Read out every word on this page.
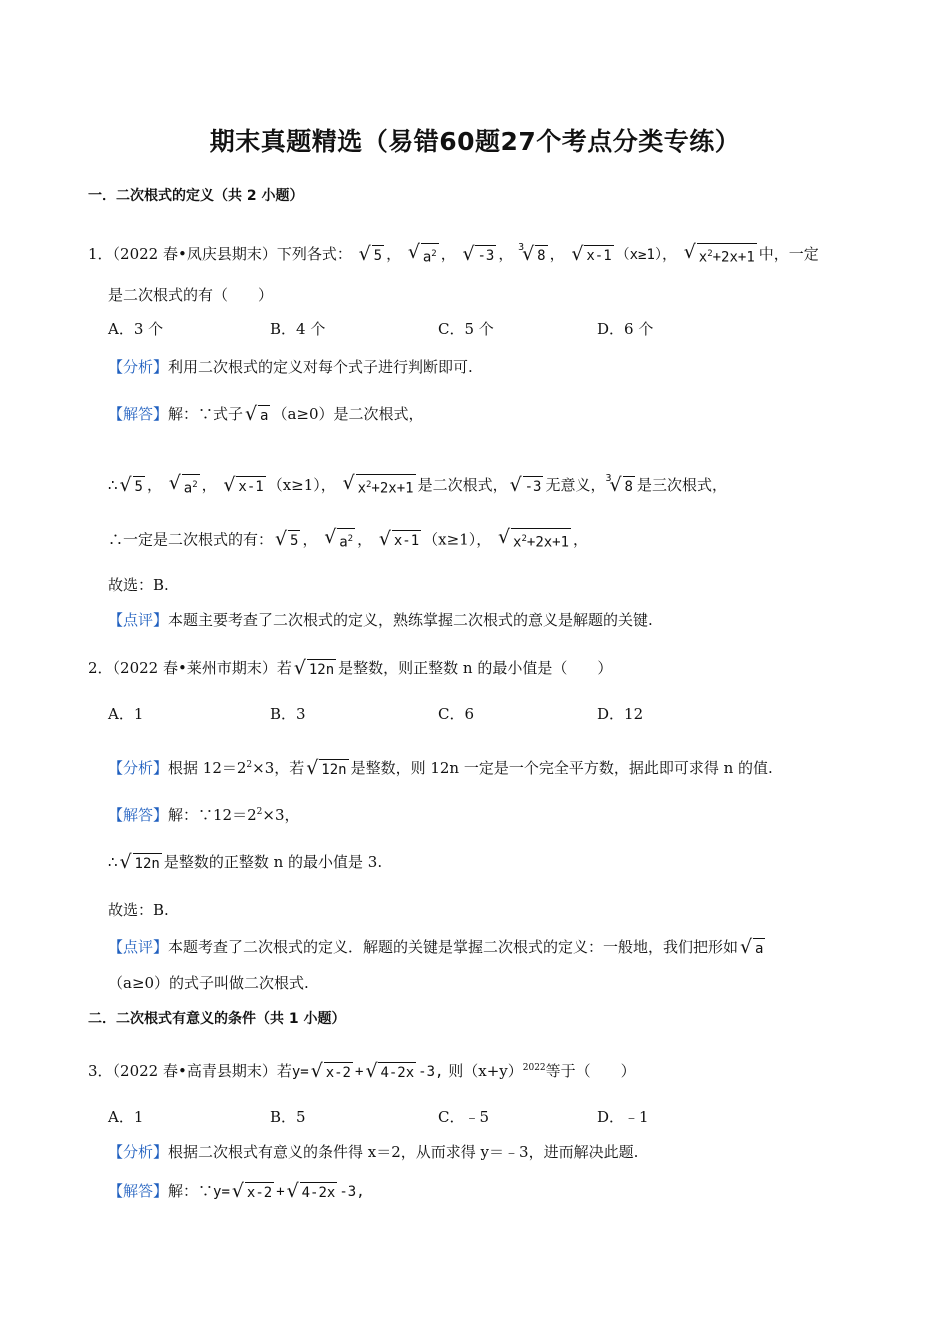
期末真题精选（易错60题27个考点分类专练）
一．二次根式的定义（共 2 小题）
1．（2022 春•凤庆县期末）下列各式： √ 5 ， √ $a^2$ ， √ -3 ， $^3$ √ 8 ， √ x-1 （x≥1）， √ $x^2+2x+1$ 中，一定
是二次根式的有（　　）
A．3 个	B．4 个	C．5 个	D．6 个
【分析】利用二次根式的定义对每个式子进行判断即可.
【解答】解：∵式子 √ a （a≥0）是二次根式，
∴ √ 5 ， √ $a^2$ ， √ x-1 （x≥1）， √ $x^2+2x+1$ 是二次根式， √ -3 无意义，$^3$ √ 8 是三次根式，
∴一定是二次根式的有： √ 5 ， √ $a^2$ ， √ x-1 （x≥1）， √ $x^2+2x+1$ ，
故选：B.
【点评】本题主要考查了二次根式的定义，熟练掌握二次根式的意义是解题的关键.
2．（2022 春•莱州市期末）若 √ 12n 是整数，则正整数 n 的最小值是（　　）
A．1	B．3	C．6	D．12
【分析】根据 $12=2^2\times 3$，若 √ 12n 是整数，则 12n 一定是一个完全平方数，据此即可求得 n 的值.
【解答】解：$\because 12=2^2\times 3$，
∴ √ 12n 是整数的正整数 n 的最小值是 3.
故选：B.
【点评】本题考查了二次根式的定义．解题的关键是掌握二次根式的定义：一般地，我们把形如 √ a
（a≥0）的式子叫做二次根式.
二．二次根式有意义的条件（共 1 小题）
3．（2022 春•高青县期末）若y= √ x-2 + √ 4-2x -3, 则$(x+y)^{2022}$等于（　　）
A．1	B．5	C．﹣5	D．﹣1
【分析】根据二次根式有意义的条件得 x＝2，从而求得 y＝﹣3，进而解决此题.
【解答】解：∵y= √ x-2 + √ 4-2x -3,
